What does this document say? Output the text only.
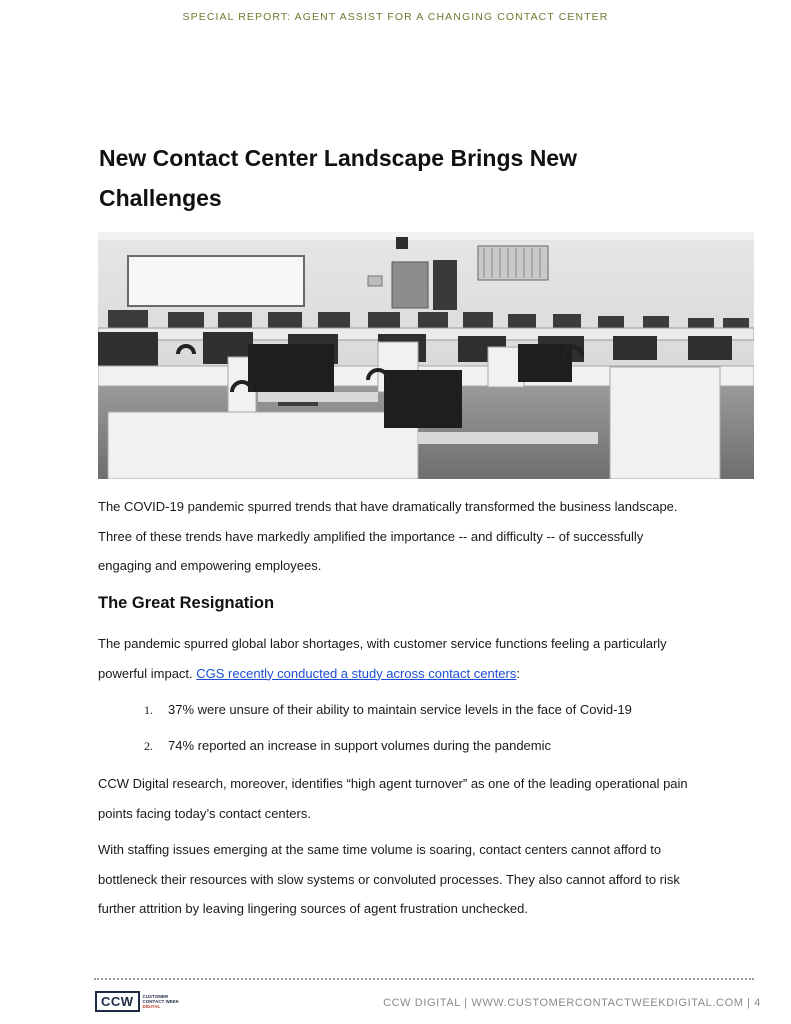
SPECIAL REPORT: AGENT ASSIST FOR A CHANGING CONTACT CENTER
New Contact Center Landscape Brings New
Challenges
The COVID-19 pandemic spurred trends that have dramatically transformed the business landscape.
Three of these trends have markedly amplified the importance -- and difficulty -- of successfully
engaging and empowering employees.
The Great Resignation
The pandemic spurred global labor shortages, with customer service functions feeling a particularly
powerful impact. CGS recently conducted a study across contact centers:
1. 37% were unsure of their ability to maintain service levels in the face of Covid-19
2. 74% reported an increase in support volumes during the pandemic
CCW Digital research, moreover, identifies “high agent turnover” as one of the leading operational pain
points facing today’s contact centers.
With staffing issues emerging at the same time volume is soaring, contact centers cannot afford to
bottleneck their resources with slow systems or convoluted processes. They also cannot afford to risk
further attrition by leaving lingering sources of agent frustration unchecked.
CCW	CUSTOMER
CONTACT WEEK
DIGITAL	CCW DIGITAL | WWW.CUSTOMERCONTACTWEEKDIGITAL.COM | 4
